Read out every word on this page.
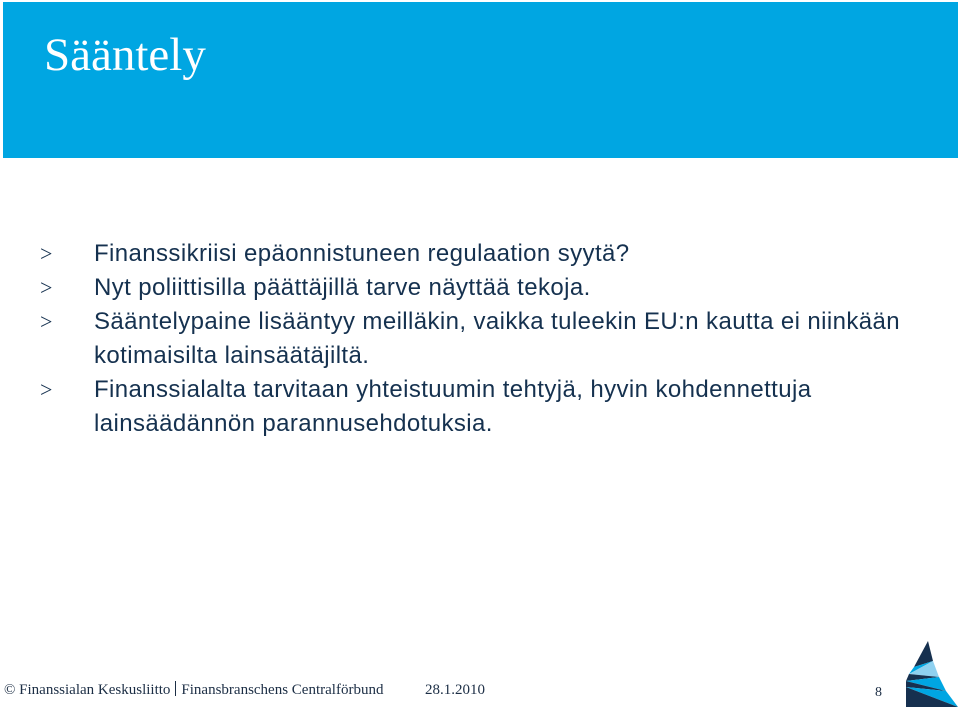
Sääntely
>	Finanssikriisi epäonnistuneen regulaation syytä?
>	Nyt poliittisilla päättäjillä tarve näyttää tekoja.
>	Sääntelypaine lisääntyy meilläkin, vaikka tuleekin EU:n kautta ei niinkään kotimaisilta lainsäätäjiltä.
>	Finanssialalta tarvitaan yhteistuumin tehtyjä, hyvin kohdennettuja lainsäädännön parannusehdotuksia.
© Finanssialan Keskusliitto Finansbranschens Centralförbund	28.1.2010	8
